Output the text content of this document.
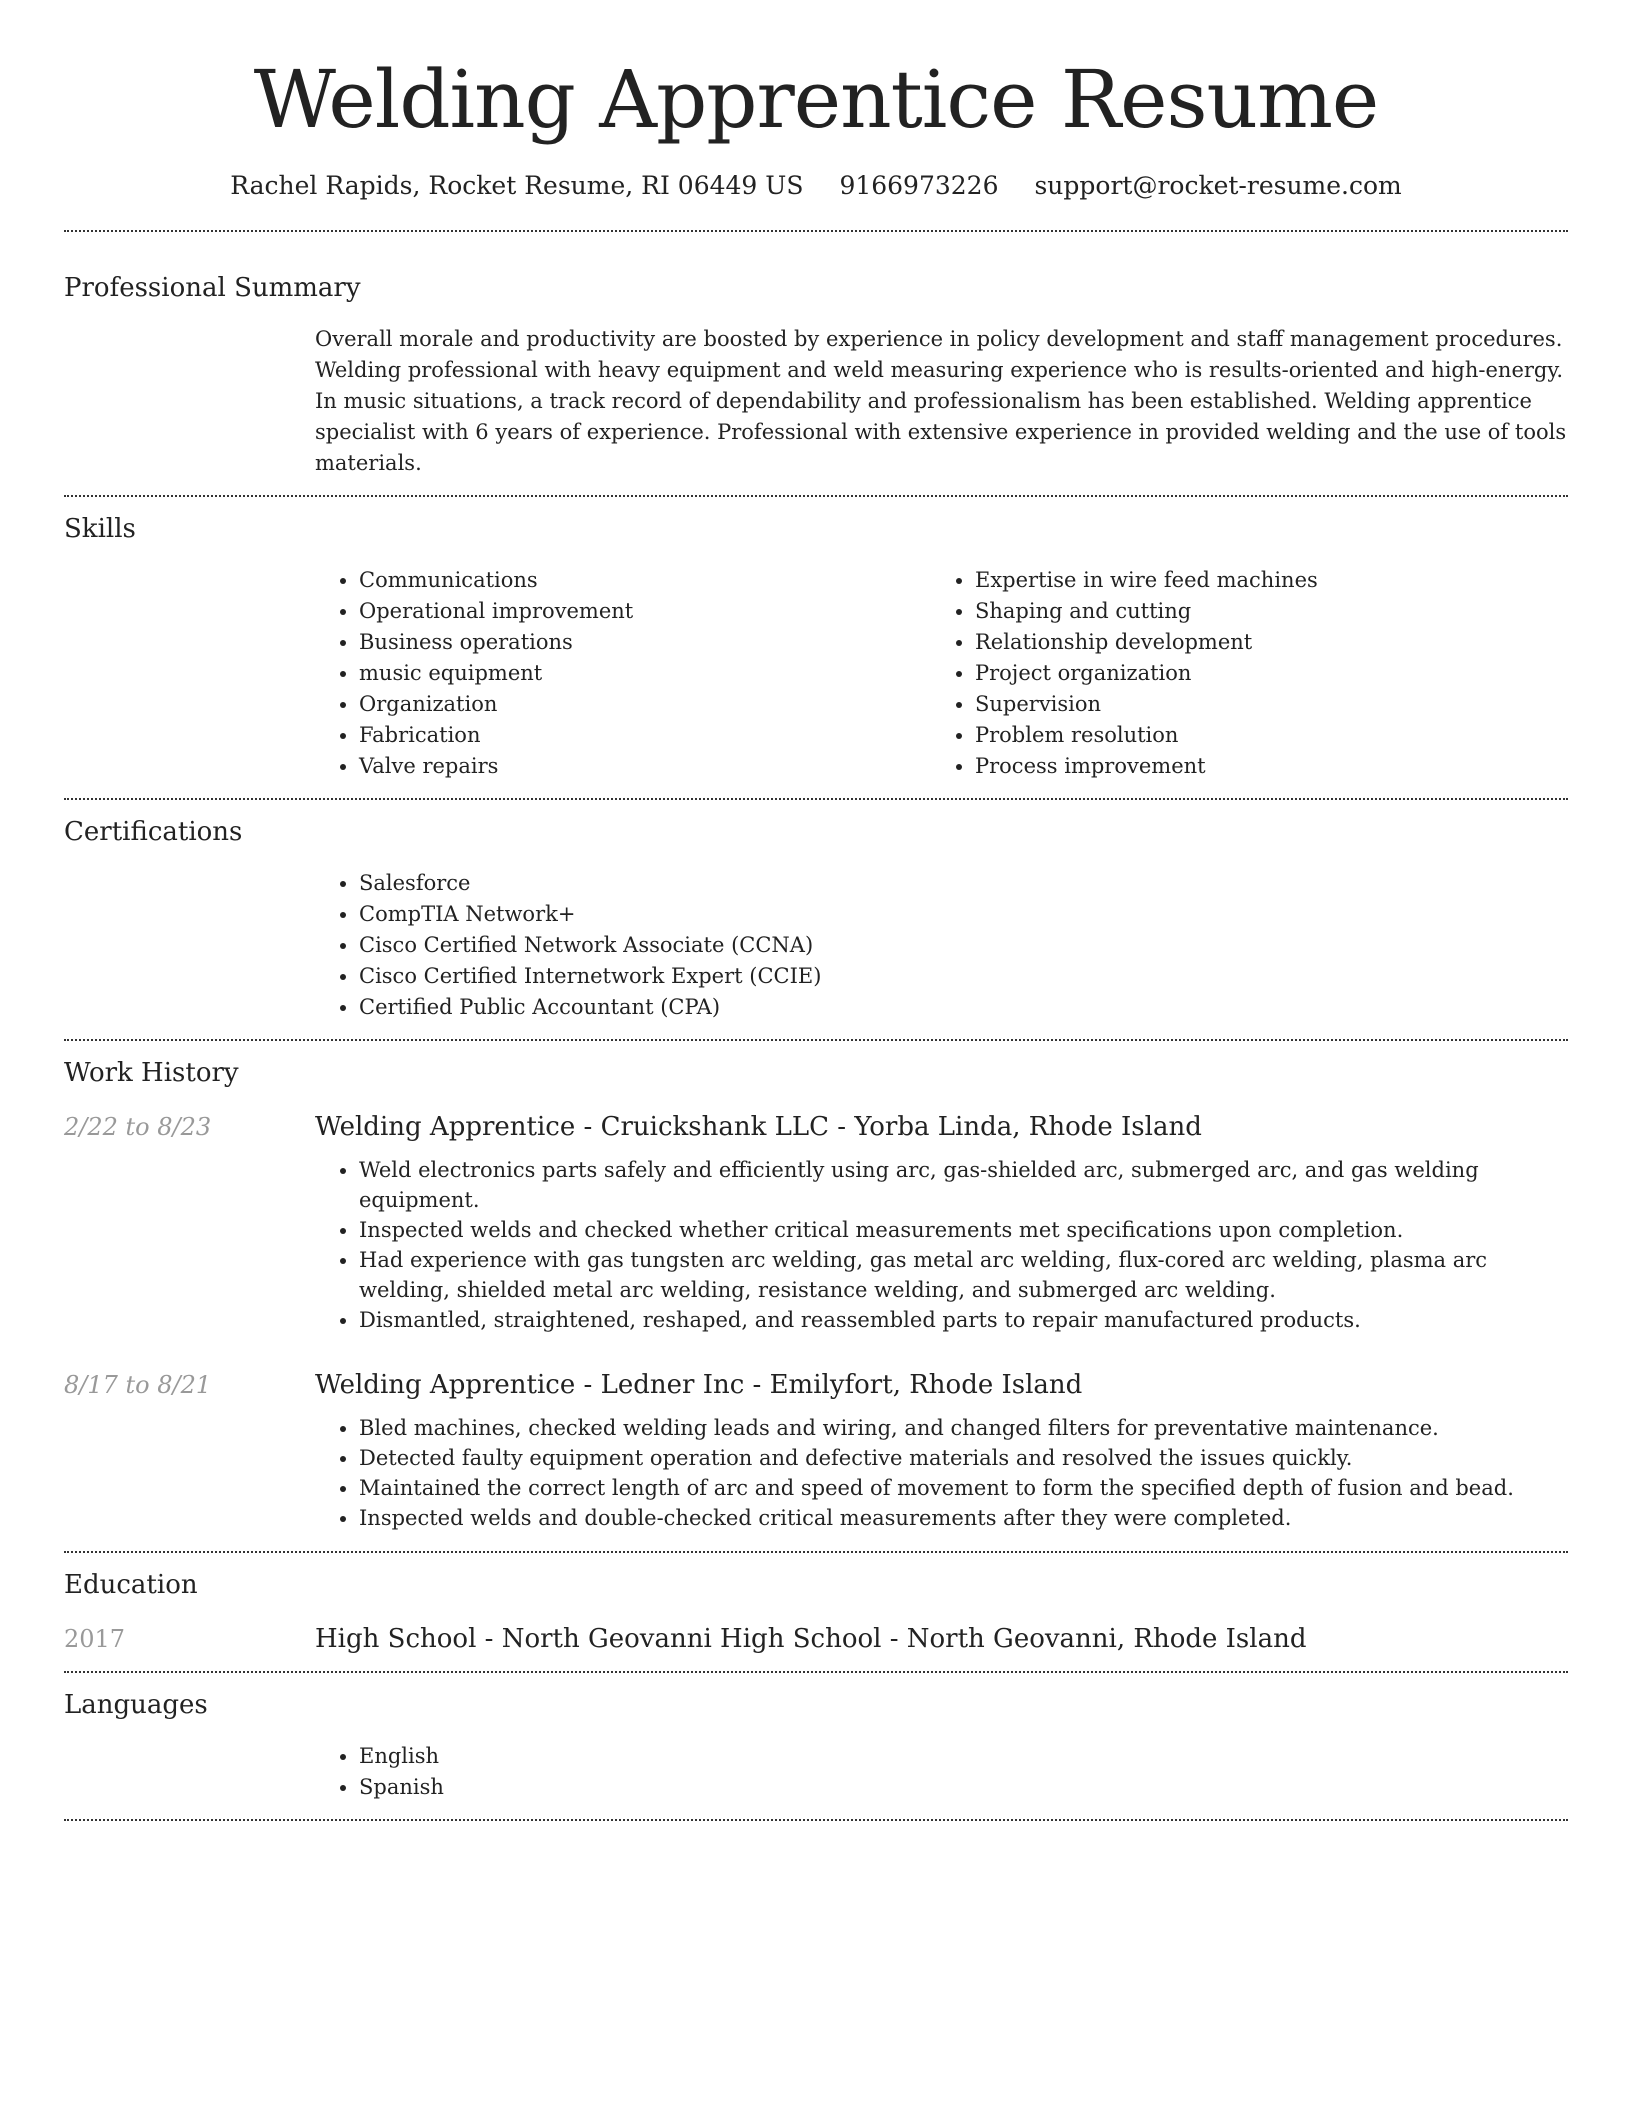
Welding Apprentice Resume
Rachel Rapids, Rocket Resume, RI 06449 US 9166973226 support@rocket-resume.com
Professional Summary

Overall morale and productivity are boosted by experience in policy development and staff management procedures. Welding professional with heavy equipment and weld measuring experience who is results-oriented and high-energy. In music situations, a track record of dependability and professionalism has been established. Welding apprentice specialist with 6 years of experience. Professional with extensive experience in provided welding and the use of tools materials.

Skills
• Communications
• Operational improvement
• Business operations
• music equipment
• Organization
• Fabrication
• Valve repairs
• Expertise in wire feed machines
• Shaping and cutting
• Relationship development
• Project organization
• Supervision
• Problem resolution
• Process improvement
Certifications
• Salesforce
• CompTIA Network+
• Cisco Certified Network Associate (CCNA)
• Cisco Certified Internetwork Expert (CCIE)
• Certified Public Accountant (CPA)
Work History
2/22 to 8/23	Welding Apprentice - Cruickshank LLC - Yorba Linda, Rhode Island
• Weld electronics parts safely and efficiently using arc, gas-shielded arc, submerged arc, and gas welding equipment.
• Inspected welds and checked whether critical measurements met specifications upon completion.
• Had experience with gas tungsten arc welding, gas metal arc welding, flux-cored arc welding, plasma arc welding, shielded metal arc welding, resistance welding, and submerged arc welding.
• Dismantled, straightened, reshaped, and reassembled parts to repair manufactured products.
8/17 to 8/21	Welding Apprentice - Ledner Inc - Emilyfort, Rhode Island
• Bled machines, checked welding leads and wiring, and changed filters for preventative maintenance.
• Detected faulty equipment operation and defective materials and resolved the issues quickly.
• Maintained the correct length of arc and speed of movement to form the specified depth of fusion and bead.
• Inspected welds and double-checked critical measurements after they were completed.
Education
2017	High School - North Geovanni High School - North Geovanni, Rhode Island
Languages
• English
• Spanish
